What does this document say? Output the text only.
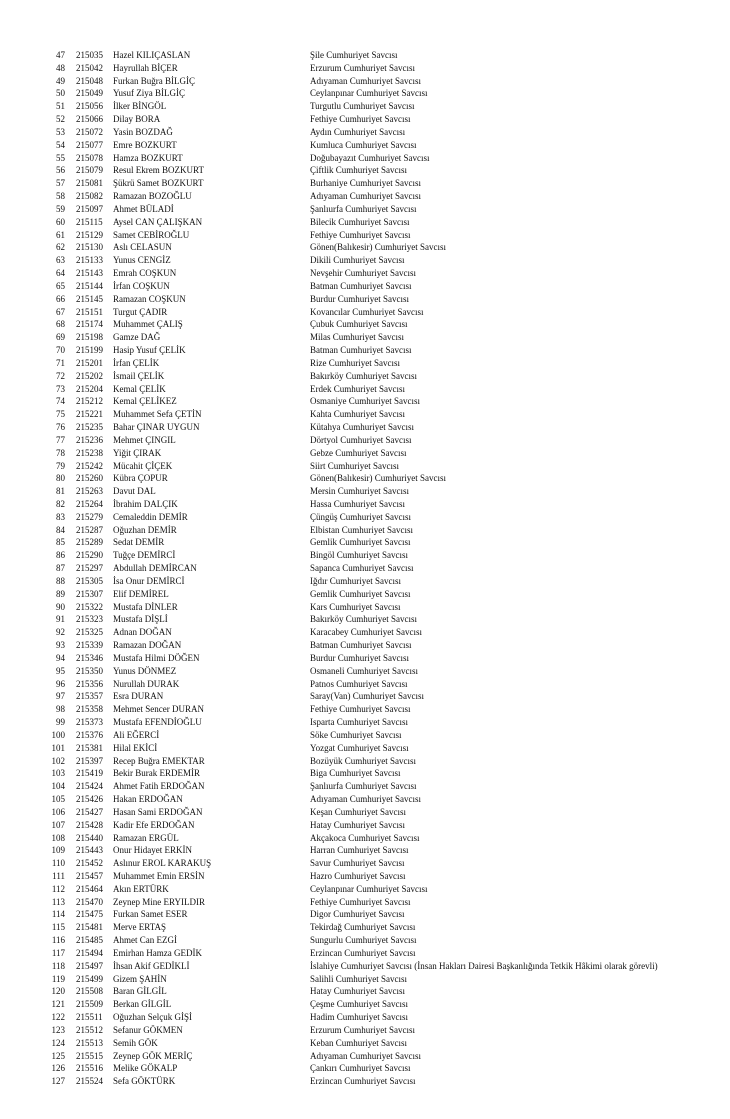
47 215035 Hazel KILIÇASLAN	Şile Cumhuriyet Savcısı
48 215042 Hayrullah BİÇER	Erzurum Cumhuriyet Savcısı
49 215048 Furkan Buğra BİLGİÇ	Adıyaman Cumhuriyet Savcısı
50 215049 Yusuf Ziya BİLGİÇ	Ceylanpınar Cumhuriyet Savcısı
51 215056 İlker BİNGÖL	Turgutlu Cumhuriyet Savcısı
52 215066 Dilay BORA	Fethiye Cumhuriyet Savcısı
53 215072 Yasin BOZDAĞ	Aydın Cumhuriyet Savcısı
54 215077 Emre BOZKURT	Kumluca Cumhuriyet Savcısı
55 215078 Hamza BOZKURT	Doğubayazıt Cumhuriyet Savcısı
56 215079 Resul Ekrem BOZKURT	Çiftlik Cumhuriyet Savcısı
57 215081 Şükrü Samet BOZKURT	Burhaniye Cumhuriyet Savcısı
58 215082 Ramazan BOZOĞLU	Adıyaman Cumhuriyet Savcısı
59 215097 Ahmet BÜLADİ	Şanlıurfa Cumhuriyet Savcısı
60 215115 Aysel CAN ÇALIŞKAN	Bilecik Cumhuriyet Savcısı
61 215129 Samet CEBİROĞLU	Fethiye Cumhuriyet Savcısı
62 215130 Aslı CELASUN	Gönen(Balıkesir) Cumhuriyet Savcısı
63 215133 Yunus CENGİZ	Dikili Cumhuriyet Savcısı
64 215143 Emrah COŞKUN	Nevşehir Cumhuriyet Savcısı
65 215144 İrfan COŞKUN	Batman Cumhuriyet Savcısı
66 215145 Ramazan COŞKUN	Burdur Cumhuriyet Savcısı
67 215151 Turgut ÇADIR	Kovancılar Cumhuriyet Savcısı
68 215174 Muhammet ÇALIŞ	Çubuk Cumhuriyet Savcısı
69 215198 Gamze DAĞ	Milas Cumhuriyet Savcısı
70 215199 Hasip Yusuf ÇELİK	Batman Cumhuriyet Savcısı
71 215201 İrfan ÇELİK	Rize Cumhuriyet Savcısı
72 215202 İsmail ÇELİK	Bakırköy Cumhuriyet Savcısı
73 215204 Kemal ÇELİK	Erdek Cumhuriyet Savcısı
74 215212 Kemal ÇELİKEZ	Osmaniye Cumhuriyet Savcısı
75 215221 Muhammet Sefa ÇETİN	Kahta Cumhuriyet Savcısı
76 215235 Bahar ÇINAR UYGUN	Kütahya Cumhuriyet Savcısı
77 215236 Mehmet ÇINGIL	Dörtyol Cumhuriyet Savcısı
78 215238 Yiğit ÇIRAK	Gebze Cumhuriyet Savcısı
79 215242 Mücahit ÇİÇEK	Siirt Cumhuriyet Savcısı
80 215260 Kübra ÇOPUR	Gönen(Balıkesir) Cumhuriyet Savcısı
81 215263 Davut DAL	Mersin Cumhuriyet Savcısı
82 215264 İbrahim DALÇIK	Hassa Cumhuriyet Savcısı
83 215279 Cemaleddin DEMİR	Çüngüş Cumhuriyet Savcısı
84 215287 Oğuzhan DEMİR	Elbistan Cumhuriyet Savcısı
85 215289 Sedat DEMİR	Gemlik Cumhuriyet Savcısı
86 215290 Tuğçe DEMİRCİ	Bingöl Cumhuriyet Savcısı
87 215297 Abdullah DEMİRCAN	Sapanca Cumhuriyet Savcısı
88 215305 İsa Onur DEMİRCİ	Iğdır Cumhuriyet Savcısı
89 215307 Elif DEMİREL	Gemlik Cumhuriyet Savcısı
90 215322 Mustafa DİNLER	Kars Cumhuriyet Savcısı
91 215323 Mustafa DİŞLİ	Bakırköy Cumhuriyet Savcısı
92 215325 Adnan DOĞAN	Karacabey Cumhuriyet Savcısı
93 215339 Ramazan DOĞAN	Batman Cumhuriyet Savcısı
94 215346 Mustafa Hilmi DÖĞEN	Burdur Cumhuriyet Savcısı
95 215350 Yunus DÖNMEZ	Osmaneli Cumhuriyet Savcısı
96 215356 Nurullah DURAK	Patnos Cumhuriyet Savcısı
97 215357 Esra DURAN	Saray(Van) Cumhuriyet Savcısı
98 215358 Mehmet Sencer DURAN	Fethiye Cumhuriyet Savcısı
99 215373 Mustafa EFENDİOĞLU	Isparta Cumhuriyet Savcısı
100 215376 Ali EĞERCİ	Söke Cumhuriyet Savcısı
101 215381 Hilal EKİCİ	Yozgat Cumhuriyet Savcısı
102 215397 Recep Buğra EMEKTAR	Bozüyük Cumhuriyet Savcısı
103 215419 Bekir Burak ERDEMİR	Biga Cumhuriyet Savcısı
104 215424 Ahmet Fatih ERDOĞAN	Şanlıurfa Cumhuriyet Savcısı
105 215426 Hakan ERDOĞAN	Adıyaman Cumhuriyet Savcısı
106 215427 Hasan Sami ERDOĞAN	Keşan Cumhuriyet Savcısı
107 215428 Kadir Efe ERDOĞAN	Hatay Cumhuriyet Savcısı
108 215440 Ramazan ERGÜL	Akçakoca Cumhuriyet Savcısı
109 215443 Onur Hidayet ERKİN	Harran Cumhuriyet Savcısı
110 215452 Aslınur EROL KARAKUŞ	Savur Cumhuriyet Savcısı
111 215457 Muhammet Emin ERSİN	Hazro Cumhuriyet Savcısı
112 215464 Akın ERTÜRK	Ceylanpınar Cumhuriyet Savcısı
113 215470 Zeynep Mine ERYILDIR	Fethiye Cumhuriyet Savcısı
114 215475 Furkan Samet ESER	Digor Cumhuriyet Savcısı
115 215481 Merve ERTAŞ	Tekirdağ Cumhuriyet Savcısı
116 215485 Ahmet Can EZGİ	Sungurlu Cumhuriyet Savcısı
117 215494 Emirhan Hamza GEDİK	Erzincan Cumhuriyet Savcısı
118 215497 İhsan Akif GEDİKLİ	İslahiye Cumhuriyet Savcısı (İnsan Hakları Dairesi Başkanlığında Tetkik Hâkimi olarak görevli)
119 215499 Gizem ŞAHİN	Salihli Cumhuriyet Savcısı
120 215508 Baran GİLGİL	Hatay Cumhuriyet Savcısı
121 215509 Berkan GİLGİL	Çeşme Cumhuriyet Savcısı
122 215511 Oğuzhan Selçuk GİŞİ	Hadim Cumhuriyet Savcısı
123 215512 Sefanur GÖKMEN	Erzurum Cumhuriyet Savcısı
124 215513 Semih GÖK	Keban Cumhuriyet Savcısı
125 215515 Zeynep GÖK MERİÇ	Adıyaman Cumhuriyet Savcısı
126 215516 Melike GÖKALP	Çankırı Cumhuriyet Savcısı
127 215524 Sefa GÖKTÜRK	Erzincan Cumhuriyet Savcısı
